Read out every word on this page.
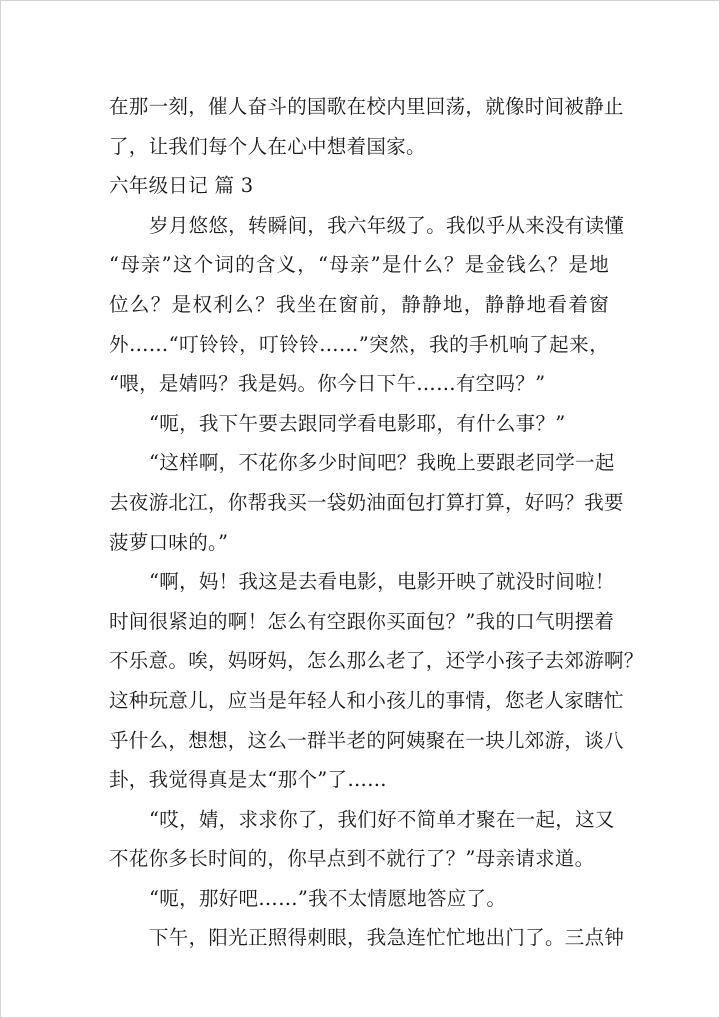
在那一刻，催人奋斗的国歌在校内里回荡，就像时间被静止
了，让我们每个人在心中想着国家。
六年级日记 篇 3
岁月悠悠，转瞬间，我六年级了。我似乎从来没有读懂
“母亲”这个词的含义，“母亲”是什么？是金钱么？是地
位么？是权利么？我坐在窗前，静静地，静静地看着窗
外……“叮铃铃，叮铃铃……”突然，我的手机响了起来，
“喂，是婧吗？我是妈。你今日下午……有空吗？”
“呃，我下午要去跟同学看电影耶，有什么事？”
“这样啊，不花你多少时间吧？我晚上要跟老同学一起
去夜游北江，你帮我买一袋奶油面包打算打算，好吗？我要
菠萝口味的。”
“啊，妈！我这是去看电影，电影开映了就没时间啦！
时间很紧迫的啊！怎么有空跟你买面包？”我的口气明摆着
不乐意。唉，妈呀妈，怎么那么老了，还学小孩子去郊游啊？
这种玩意儿，应当是年轻人和小孩儿的事情，您老人家瞎忙
乎什么，想想，这么一群半老的阿姨聚在一块儿郊游，谈八
卦，我觉得真是太“那个”了……
“哎，婧，求求你了，我们好不简单才聚在一起，这又
不花你多长时间的，你早点到不就行了？”母亲请求道。
“呃，那好吧……”我不太情愿地答应了。
下午，阳光正照得刺眼，我急连忙忙地出门了。三点钟
